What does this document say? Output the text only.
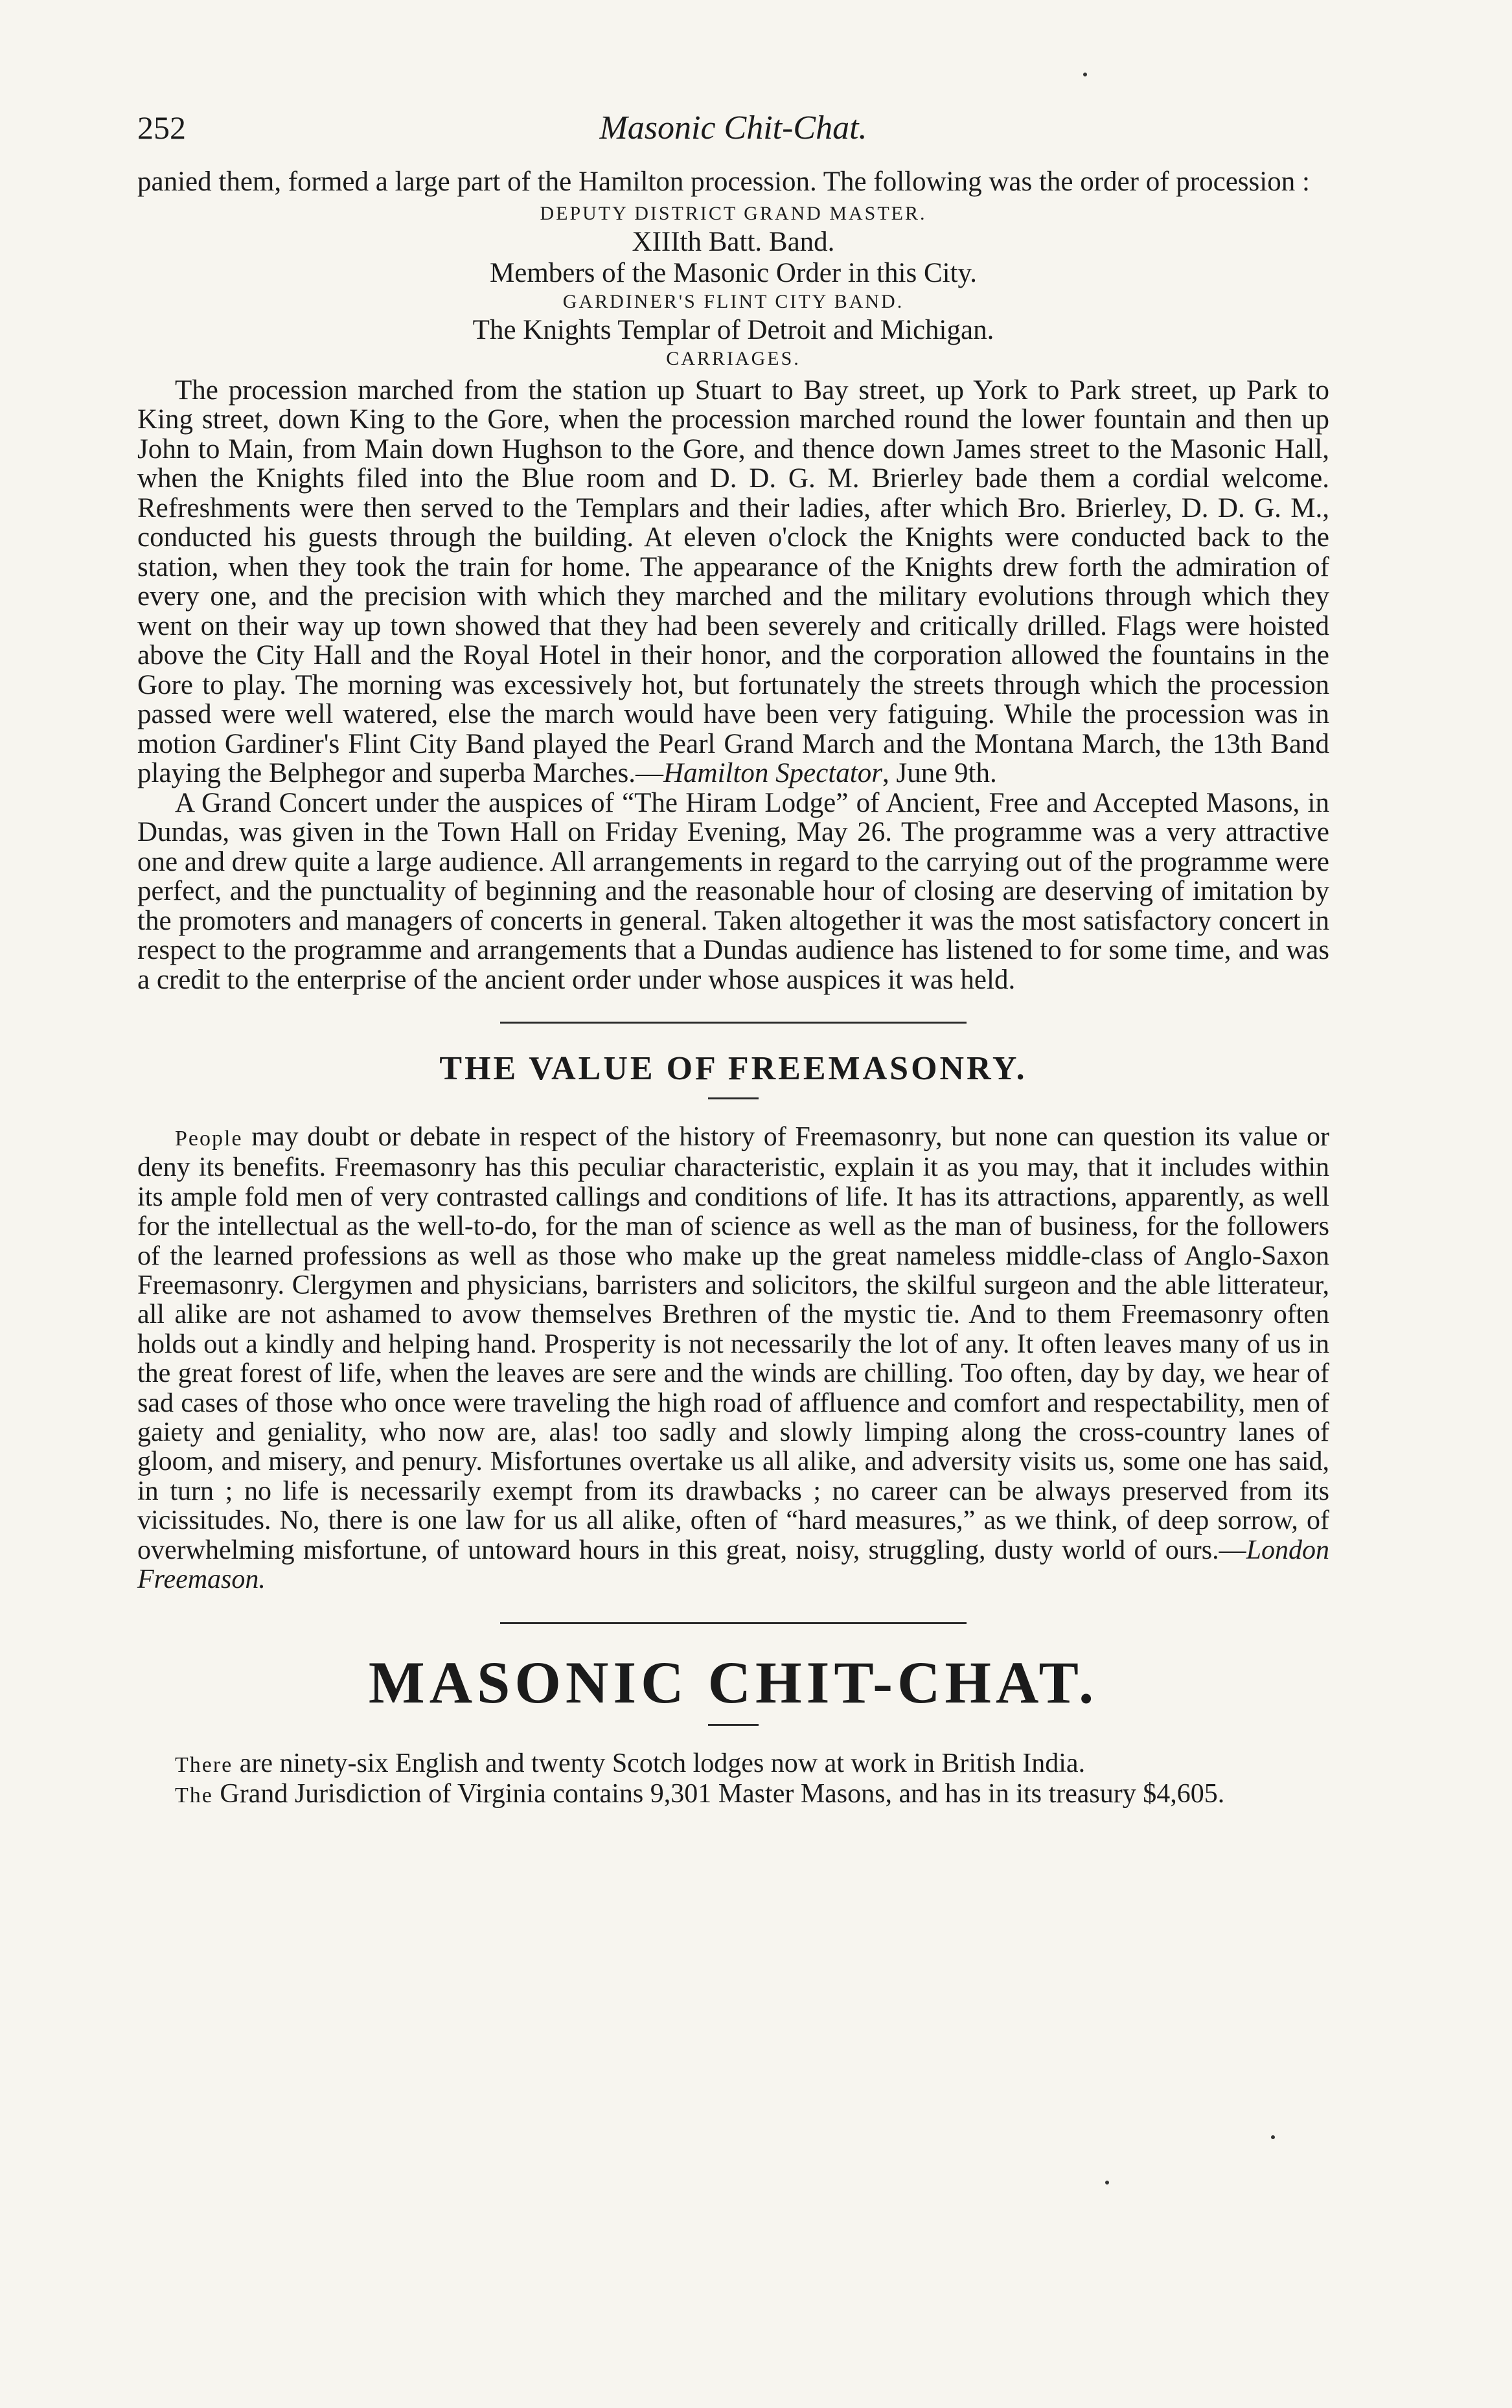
252	Masonic Chit-Chat.

panied them, formed a large part of the Hamilton procession. The following was the order of procession :

DEPUTY DISTRICT GRAND MASTER.
XIIIth Batt. Band.
Members of the Masonic Order in this City.
GARDINER'S FLINT CITY BAND.
The Knights Templar of Detroit and Michigan.
CARRIAGES.

The procession marched from the station up Stuart to Bay street, up York to Park street, up Park to King street, down King to the Gore, when the procession marched round the lower fountain and then up John to Main, from Main down Hughson to the Gore, and thence down James street to the Masonic Hall, when the Knights filed into the Blue room and D. D. G. M. Brierley bade them a cordial welcome. Refreshments were then served to the Templars and their ladies, after which Bro. Brierley, D. D. G. M., conducted his guests through the building. At eleven o'clock the Knights were conducted back to the station, when they took the train for home. The appearance of the Knights drew forth the admiration of every one, and the precision with which they marched and the military evolutions through which they went on their way up town showed that they had been severely and critically drilled. Flags were hoisted above the City Hall and the Royal Hotel in their honor, and the corporation allowed the fountains in the Gore to play. The morning was excessively hot, but fortunately the streets through which the procession passed were well watered, else the march would have been very fatiguing. While the procession was in motion Gardiner's Flint City Band played the Pearl Grand March and the Montana March, the 13th Band playing the Belphegor and superba Marches.—Hamilton Spectator, June 9th.

A Grand Concert under the auspices of “The Hiram Lodge” of Ancient, Free and Accepted Masons, in Dundas, was given in the Town Hall on Friday Evening, May 26. The programme was a very attractive one and drew quite a large audience. All arrangements in regard to the carrying out of the programme were perfect, and the punctuality of beginning and the reasonable hour of closing are deserving of imitation by the promoters and managers of concerts in general. Taken altogether it was the most satisfactory concert in respect to the programme and arrangements that a Dundas audience has listened to for some time, and was a credit to the enterprise of the ancient order under whose auspices it was held.

THE VALUE OF FREEMASONRY.

People may doubt or debate in respect of the history of Freemasonry, but none can question its value or deny its benefits. Freemasonry has this peculiar characteristic, explain it as you may, that it includes within its ample fold men of very contrasted callings and conditions of life. It has its attractions, apparently, as well for the intellectual as the well-to-do, for the man of science as well as the man of business, for the followers of the learned professions as well as those who make up the great nameless middle-class of Anglo-Saxon Freemasonry. Clergymen and physicians, barristers and solicitors, the skilful surgeon and the able litterateur, all alike are not ashamed to avow themselves Brethren of the mystic tie. And to them Freemasonry often holds out a kindly and helping hand. Prosperity is not necessarily the lot of any. It often leaves many of us in the great forest of life, when the leaves are sere and the winds are chilling. Too often, day by day, we hear of sad cases of those who once were traveling the high road of affluence and comfort and respectability, men of gaiety and geniality, who now are, alas! too sadly and slowly limping along the cross-country lanes of gloom, and misery, and penury. Misfortunes overtake us all alike, and adversity visits us, some one has said, in turn ; no life is necessarily exempt from its drawbacks ; no career can be always preserved from its vicissitudes. No, there is one law for us all alike, often of “hard measures,” as we think, of deep sorrow, of overwhelming misfortune, of untoward hours in this great, noisy, struggling, dusty world of ours.—London Freemason.

MASONIC CHIT-CHAT.

There are ninety-six English and twenty Scotch lodges now at work in British India.

The Grand Jurisdiction of Virginia contains 9,301 Master Masons, and has in its treasury $4,605.
